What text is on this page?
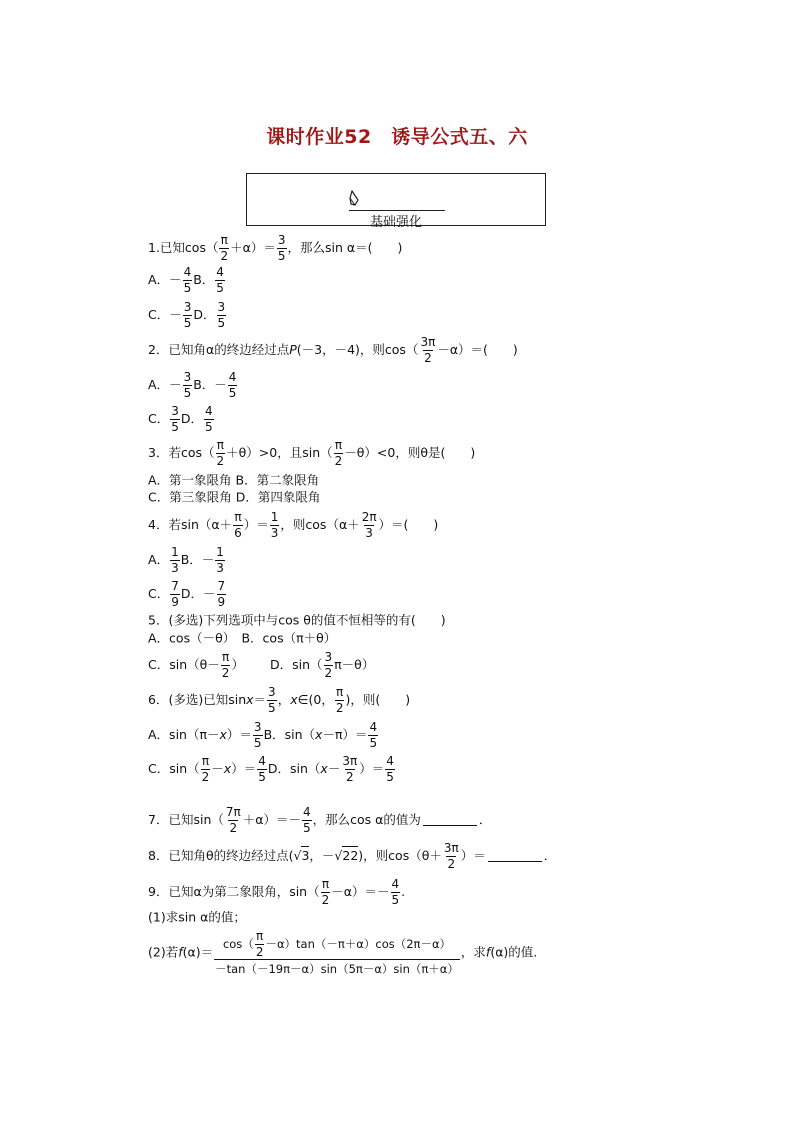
课时作业52　诱导公式五、六
基础强化
1.已知$\cos( \frac{\pi}{2} +\alpha)= \frac{3}{5}$ ，那么sin α＝(　　)
A．－ $\frac{4}{5}$ B． $\frac{4}{5}$
C．－ $\frac{3}{5}$ D． $\frac{3}{5}$
2．已知角α的终边经过点P(－3，－4)，则$\cos( \frac{3\pi}{2} -\alpha)=$(　　)
A．－ $\frac{3}{5}$ B．－ $\frac{4}{5}$
C． $\frac{3}{5}$ D． $\frac{4}{5}$
3．若$\cos( \frac{\pi}{2} +\theta)>0$，且$\sin( \frac{\pi}{2} -\theta)<0$，则θ是(　　)
A．第一象限角 B．第二象限角
C．第三象限角 D．第四象限角
4．若$\sin(\alpha+ \frac{\pi}{6}$ ）＝ $\frac{1}{3}$ ，则$\cos(\alpha+ \frac{2\pi}{3}$ ）＝(　　)
A． $\frac{1}{3}$ B．－ $\frac{1}{3}$
C． $\frac{7}{9}$ D．－ $\frac{7}{9}$
5．(多选)下列选项中与cos θ的值不恒相等的有(　　)
A．cos（－θ）　B．cos（π＋θ）
C．$\sin(\theta- \frac{\pi}{2}$ ） D．$\sin( \frac{3}{2} \pi-\theta)$
6．(多选)已知$\sin x= \frac{3}{5}$ ，x∈(0， $\frac{\pi}{2}$ )，则(　　)
A．$\sin(\pi-x)= \frac{3}{5}$ B．$\sin(x-\pi)= \frac{4}{5}$
C．$\sin( \frac{\pi}{2} -x)= \frac{4}{5}$ D．$\sin(x- \frac{3\pi}{2}$ ）＝ $\frac{4}{5}$
7．已知$\sin( \frac{7\pi}{2} +\alpha)=- \frac{4}{5}$ ，那么cos α的值为	．
8．已知角θ的终边经过点(√3，－√22)，则$\cos(\theta+ \frac{3\pi}{2}$ ）＝	．
9．已知α为第二象限角，$\sin( \frac{\pi}{2} -\alpha)=- \frac{4}{5}$ .
(1)求sin α的值；
(2)若$f(\alpha)= \frac{\cos( \frac{\pi}{2} -\alpha)\tan(-\pi+\alpha)\cos(2\pi-\alpha)}{-\tan(-19\pi-\alpha)\sin(5\pi-\alpha)\sin(\pi+\alpha)}$ ，求f(α)的值.
